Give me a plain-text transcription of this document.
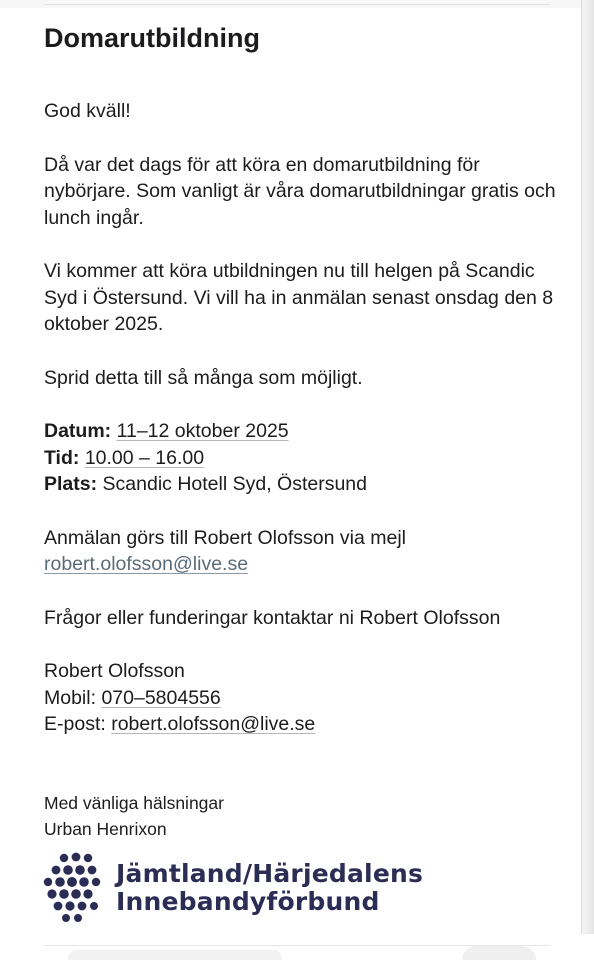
Domarutbildning

God kväll!

Då var det dags för att köra en domarutbildning för nybörjare. Som vanligt är våra domarutbildningar gratis och lunch ingår.

Vi kommer att köra utbildningen nu till helgen på Scandic Syd i Östersund. Vi vill ha in anmälan senast onsdag den 8 oktober 2025.

Sprid detta till så många som möjligt.

Datum: 11–12 oktober 2025

Tid: 10.00 – 16.00

Plats: Scandic Hotell Syd, Östersund

Anmälan görs till Robert Olofsson via mejl

robert.olofsson@live.se

Frågor eller funderingar kontaktar ni Robert Olofsson

Robert Olofsson

Mobil: 070–5804556

E-post: robert.olofsson@live.se

Med vänliga hälsningar

Urban Henrixon

Jämtland/Härjedalens
Innebandyförbund
